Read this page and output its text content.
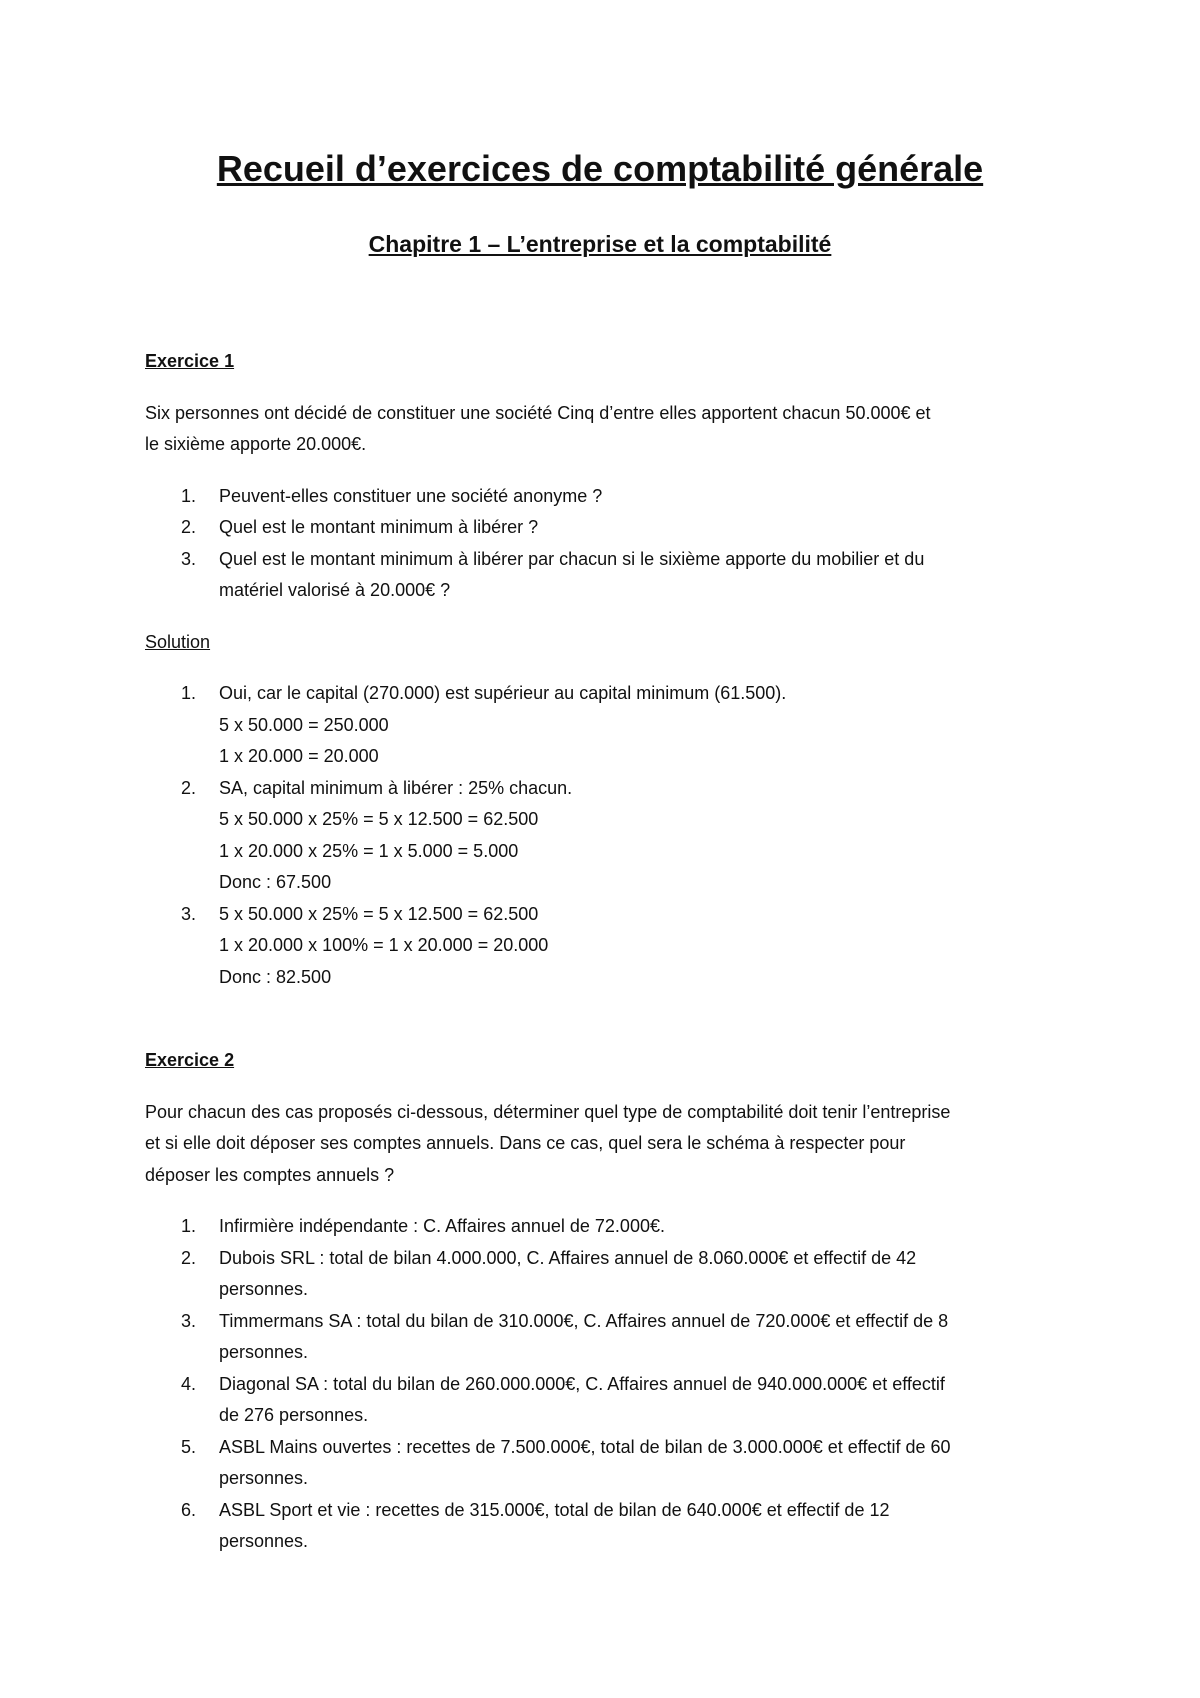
Recueil d’exercices de comptabilité générale
Chapitre 1 – L’entreprise et la comptabilité

Exercice 1

Six personnes ont décidé de constituer une société Cinq d’entre elles apportent chacun 50.000€ et

le sixième apporte 20.000€.

1. Peuvent-elles constituer une société anonyme ?
2. Quel est le montant minimum à libérer ?
3. Quel est le montant minimum à libérer par chacun si le sixième apporte du mobilier et du
matériel valorisé à 20.000€ ?

Solution

1. Oui, car le capital (270.000) est supérieur au capital minimum (61.500).
5 x 50.000 = 250.000
1 x 20.000 = 20.000
2. SA, capital minimum à libérer : 25% chacun.
5 x 50.000 x 25% = 5 x 12.500 = 62.500
1 x 20.000 x 25% = 1 x 5.000 = 5.000
Donc : 67.500
3. 5 x 50.000 x 25% = 5 x 12.500 = 62.500
1 x 20.000 x 100% = 1 x 20.000 = 20.000
Donc : 82.500

Exercice 2

Pour chacun des cas proposés ci-dessous, déterminer quel type de comptabilité doit tenir l’entreprise

et si elle doit déposer ses comptes annuels. Dans ce cas, quel sera le schéma à respecter pour

déposer les comptes annuels ?

1. Infirmière indépendante : C. Affaires annuel de 72.000€.
2. Dubois SRL : total de bilan 4.000.000, C. Affaires annuel de 8.060.000€ et effectif de 42
personnes.
3. Timmermans SA : total du bilan de 310.000€, C. Affaires annuel de 720.000€ et effectif de 8
personnes.
4. Diagonal SA : total du bilan de 260.000.000€, C. Affaires annuel de 940.000.000€ et effectif
de 276 personnes.
5. ASBL Mains ouvertes : recettes de 7.500.000€, total de bilan de 3.000.000€ et effectif de 60
personnes.
6. ASBL Sport et vie : recettes de 315.000€, total de bilan de 640.000€ et effectif de 12
personnes.
